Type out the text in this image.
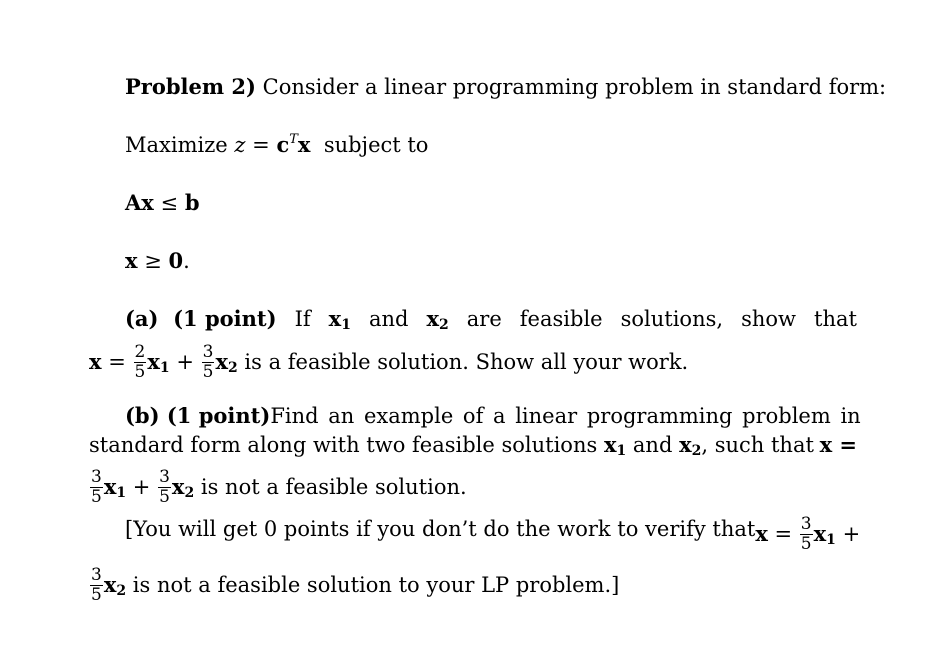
Problem 2) Consider a linear programming problem in standard form:
Maximize $z = c^Tx$ subject to
Ax ≤ b
x ≥ 0.
(a) (1 point) If $x_1$ and $x_2$ are feasible solutions, show that
$x = \frac{2}{5} x_1 + \frac{3}{5} x_2$ is a feasible solution. Show all your work.
(b) (1 point) Find an example of a linear programming problem in
standard form along with two feasible solutions $x_1$ and $x_2$, such that x =
$\frac{3}{5} x_1 + \frac{3}{5} x_2$ is not a feasible solution.
[You will get 0 points if you don’t do the work to verify that $x = \frac{3}{5} x_1$ +
$\frac{3}{5} x_2$ is not a feasible solution to your LP problem.]
